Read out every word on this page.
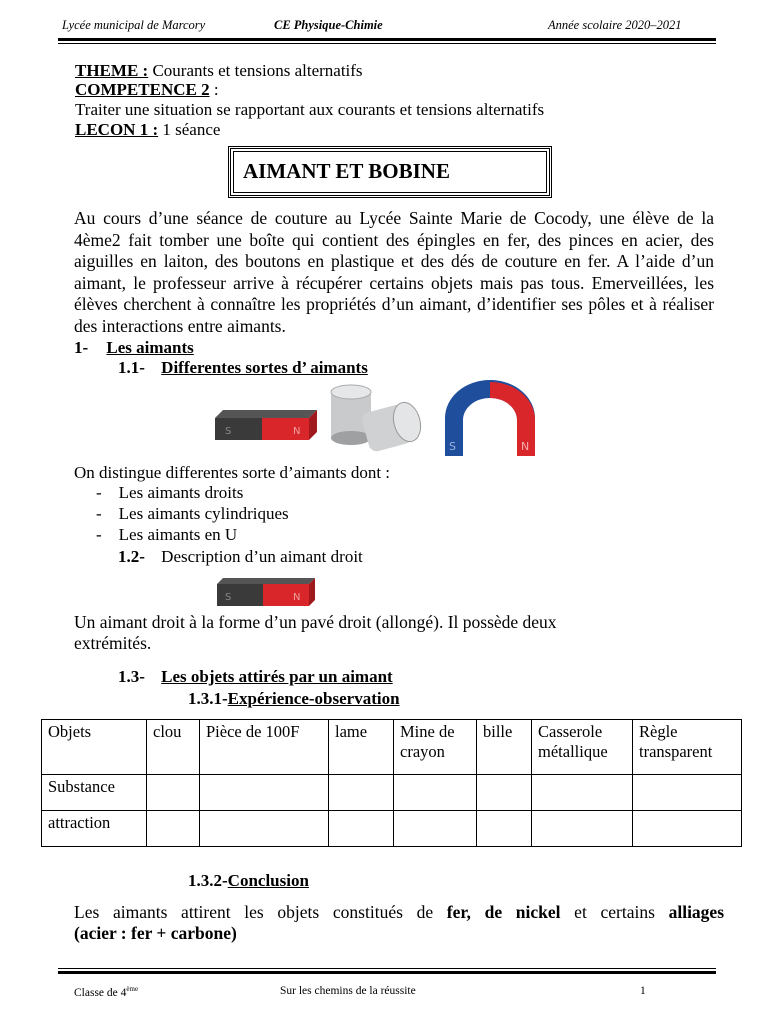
Lycée municipal de Marcory	CE Physique-Chimie	Année scolaire 2020–2021
THEME : Courants et tensions alternatifs
COMPETENCE 2 :
Traiter une situation se rapportant aux courants et tensions alternatifs
LECON 1 : 1 séance
AIMANT ET BOBINE
Au cours d’une séance de couture au Lycée Sainte Marie de Cocody, une élève de la 4ème2 fait tomber une boîte qui contient des épingles en fer, des pinces en acier, des aiguilles en laiton, des boutons en plastique et des dés de couture en fer. A l’aide d’un aimant, le professeur arrive à récupérer certains objets mais pas tous. Emerveillées, les élèves cherchent à connaître les propriétés d’un aimant, d’identifier ses pôles et à réaliser des interactions entre aimants.
1- Les aimants
1.1- Differentes sortes d’ aimants
S	N
S	N
On distingue differentes sorte d’aimants dont :
-    Les aimants droits
-    Les aimants cylindriques
-    Les aimants en U
1.2- Description d’un aimant droit
S	N
Un aimant droit à la forme d’un pavé droit (allongé). Il possède deux extrémités.
1.3- Les objets attirés par un aimant
1.3.1-Expérience-observation
Objets	clou	Pièce de 100F	lame	Mine de crayon	bille	Casserole métallique	Règle transparent
Substance							
attraction							
1.3.2-Conclusion
Les aimants attirent les objets constitués de fer, de nickel et certains alliages
(acier : fer + carbone)
Classe de 4ème	Sur les chemins de la réussite	1
